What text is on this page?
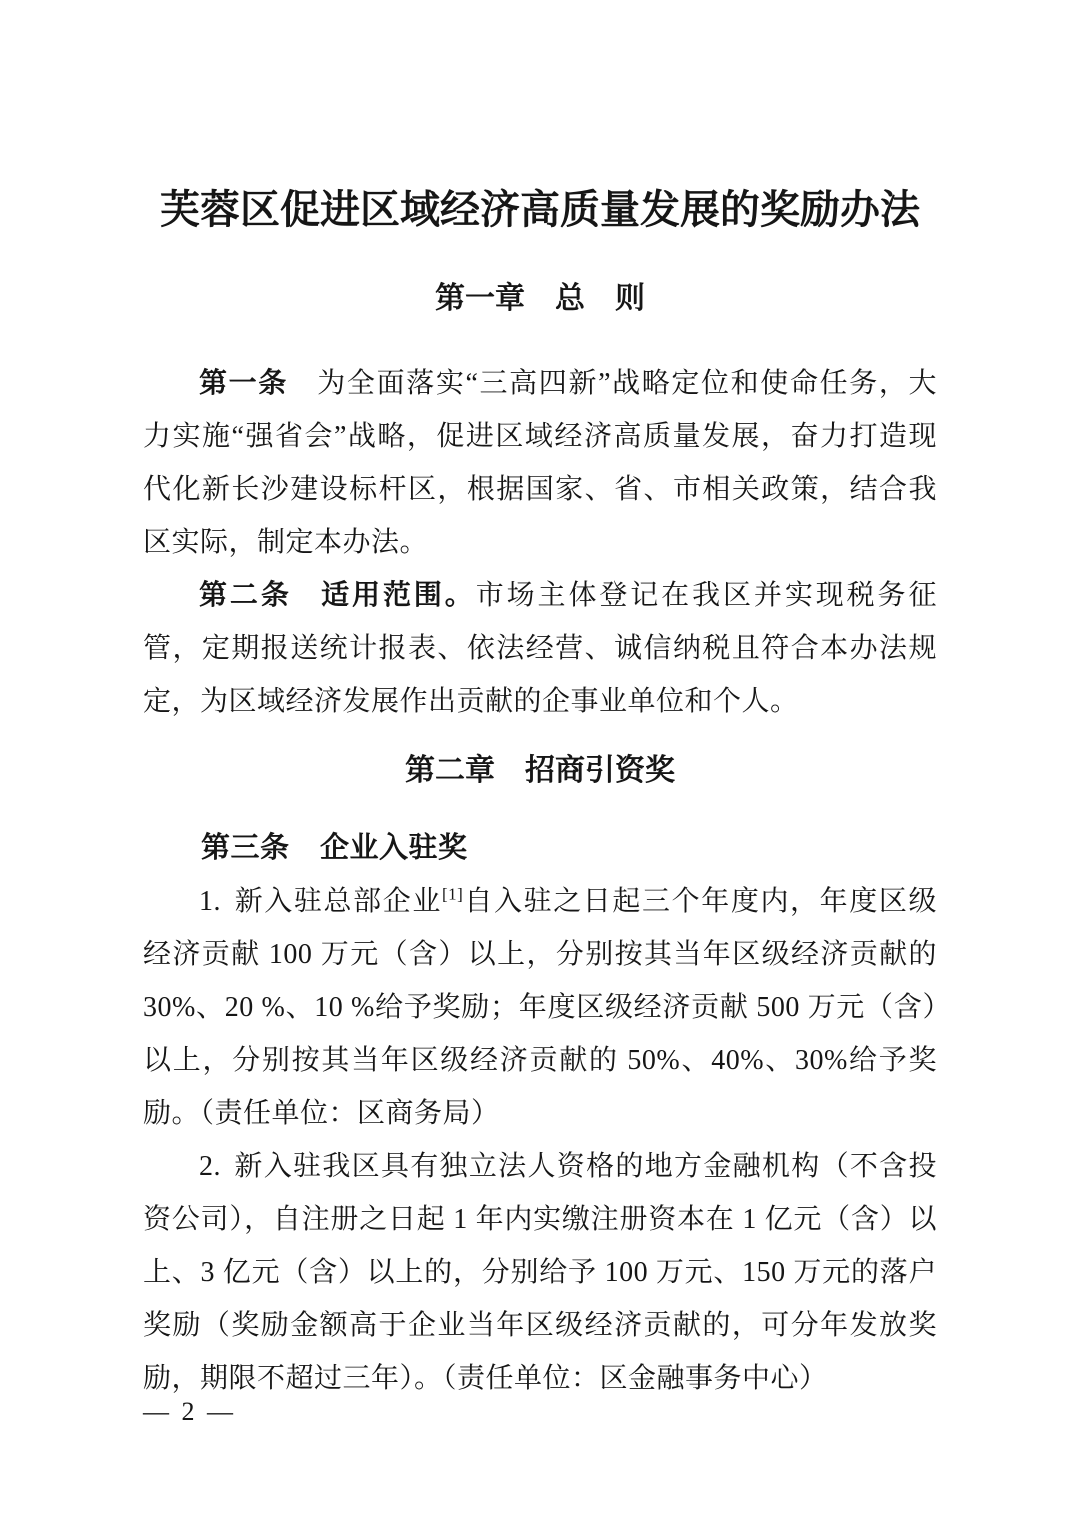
芙蓉区促进区域经济高质量发展的奖励办法
第一章　总　则

第一条 为全面落实“三高四新”战略定位和使命任务，大力实施“强省会”战略，促进区域经济高质量发展，奋力打造现代化新长沙建设标杆区，根据国家、省、市相关政策，结合我区实际，制定本办法。

第二条 适用范围。市场主体登记在我区并实现税务征管，定期报送统计报表、依法经营、诚信纳税且符合本办法规定，为区域经济发展作出贡献的企事业单位和个人。

第二章　招商引资奖

第三条 企业入驻奖

1. 新入驻总部企业[1]自入驻之日起三个年度内，年度区级经济贡献 100 万元（含）以上，分别按其当年区级经济贡献的 30%、20 %、10 %给予奖励；年度区级经济贡献 500 万元（含）以上，分别按其当年区级经济贡献的 50%、40%、30%给予奖励。（责任单位：区商务局）

2. 新入驻我区具有独立法人资格的地方金融机构（不含投资公司），自注册之日起 1 年内实缴注册资本在 1 亿元（含）以上、3 亿元（含）以上的，分别给予 100 万元、150 万元的落户奖励（奖励金额高于企业当年区级经济贡献的，可分年发放奖励，期限不超过三年）。（责任单位：区金融事务中心）

— 2 —
